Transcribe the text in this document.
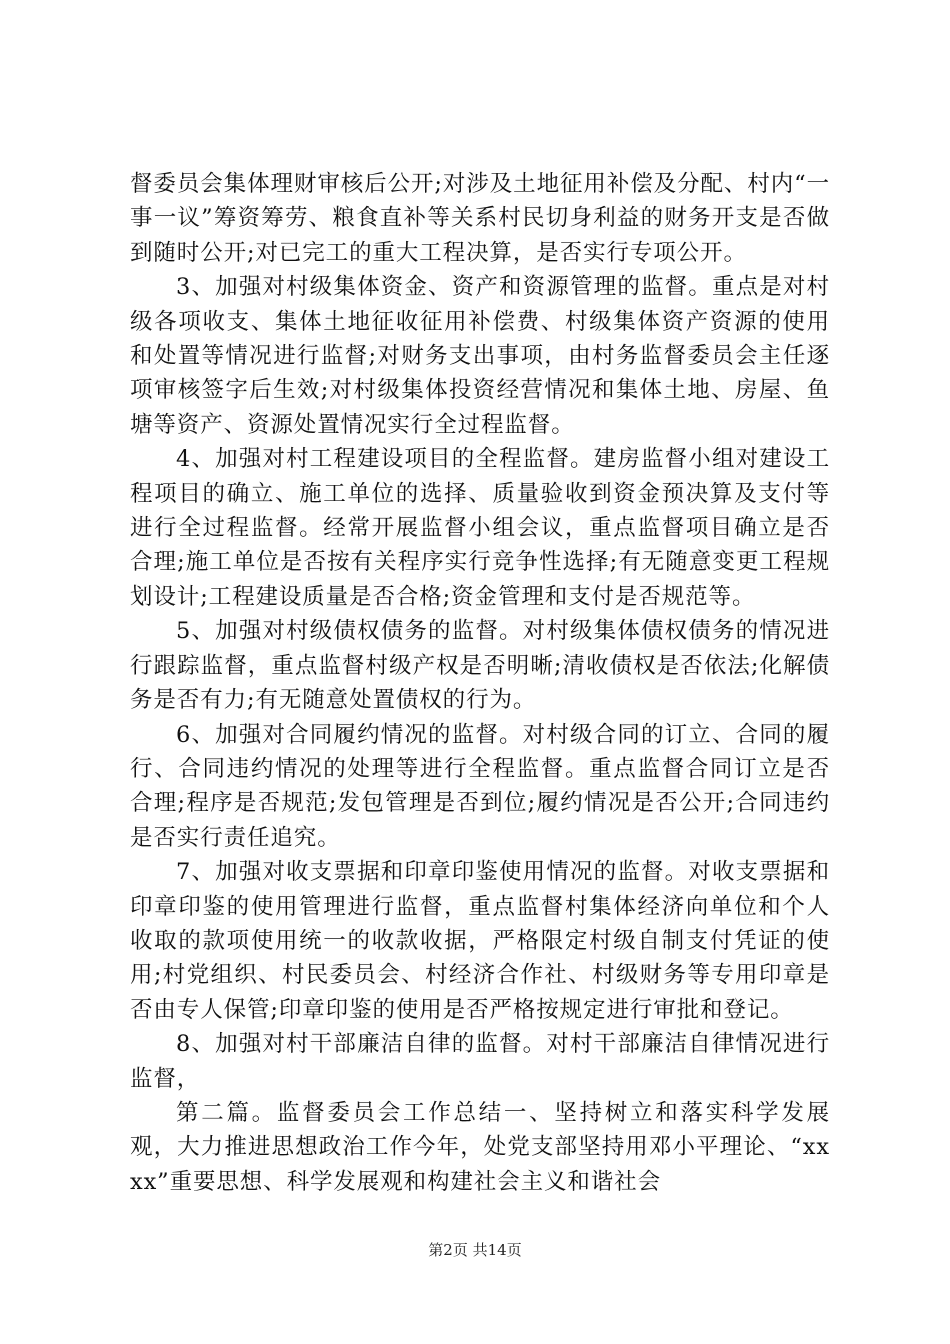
督委员会集体理财审核后公开;对涉及土地征用补偿及分配、村内“一事一议”筹资筹劳、粮食直补等关系村民切身利益的财务开支是否做到随时公开;对已完工的重大工程决算，是否实行专项公开。

3、加强对村级集体资金、资产和资源管理的监督。重点是对村级各项收支、集体土地征收征用补偿费、村级集体资产资源的使用和处置等情况进行监督;对财务支出事项，由村务监督委员会主任逐项审核签字后生效;对村级集体投资经营情况和集体土地、房屋、鱼塘等资产、资源处置情况实行全过程监督。

4、加强对村工程建设项目的全程监督。建房监督小组对建设工程项目的确立、施工单位的选择、质量验收到资金预决算及支付等进行全过程监督。经常开展监督小组会议，重点监督项目确立是否合理;施工单位是否按有关程序实行竞争性选择;有无随意变更工程规划设计;工程建设质量是否合格;资金管理和支付是否规范等。

5、加强对村级债权债务的监督。对村级集体债权债务的情况进行跟踪监督，重点监督村级产权是否明晰;清收债权是否依法;化解债务是否有力;有无随意处置债权的行为。

6、加强对合同履约情况的监督。对村级合同的订立、合同的履行、合同违约情况的处理等进行全程监督。重点监督合同订立是否合理;程序是否规范;发包管理是否到位;履约情况是否公开;合同违约是否实行责任追究。

7、加强对收支票据和印章印鉴使用情况的监督。对收支票据和印章印鉴的使用管理进行监督，重点监督村集体经济向单位和个人收取的款项使用统一的收款收据，严格限定村级自制支付凭证的使用;村党组织、村民委员会、村经济合作社、村级财务等专用印章是否由专人保管;印章印鉴的使用是否严格按规定进行审批和登记。

8、加强对村干部廉洁自律的监督。对村干部廉洁自律情况进行监督，

第二篇。监督委员会工作总结一、坚持树立和落实科学发展观，大力推进思想政治工作今年，处党支部坚持用邓小平理论、“xxxx”重要思想、科学发展观和构建社会主义和谐社会

第2页 共14页
